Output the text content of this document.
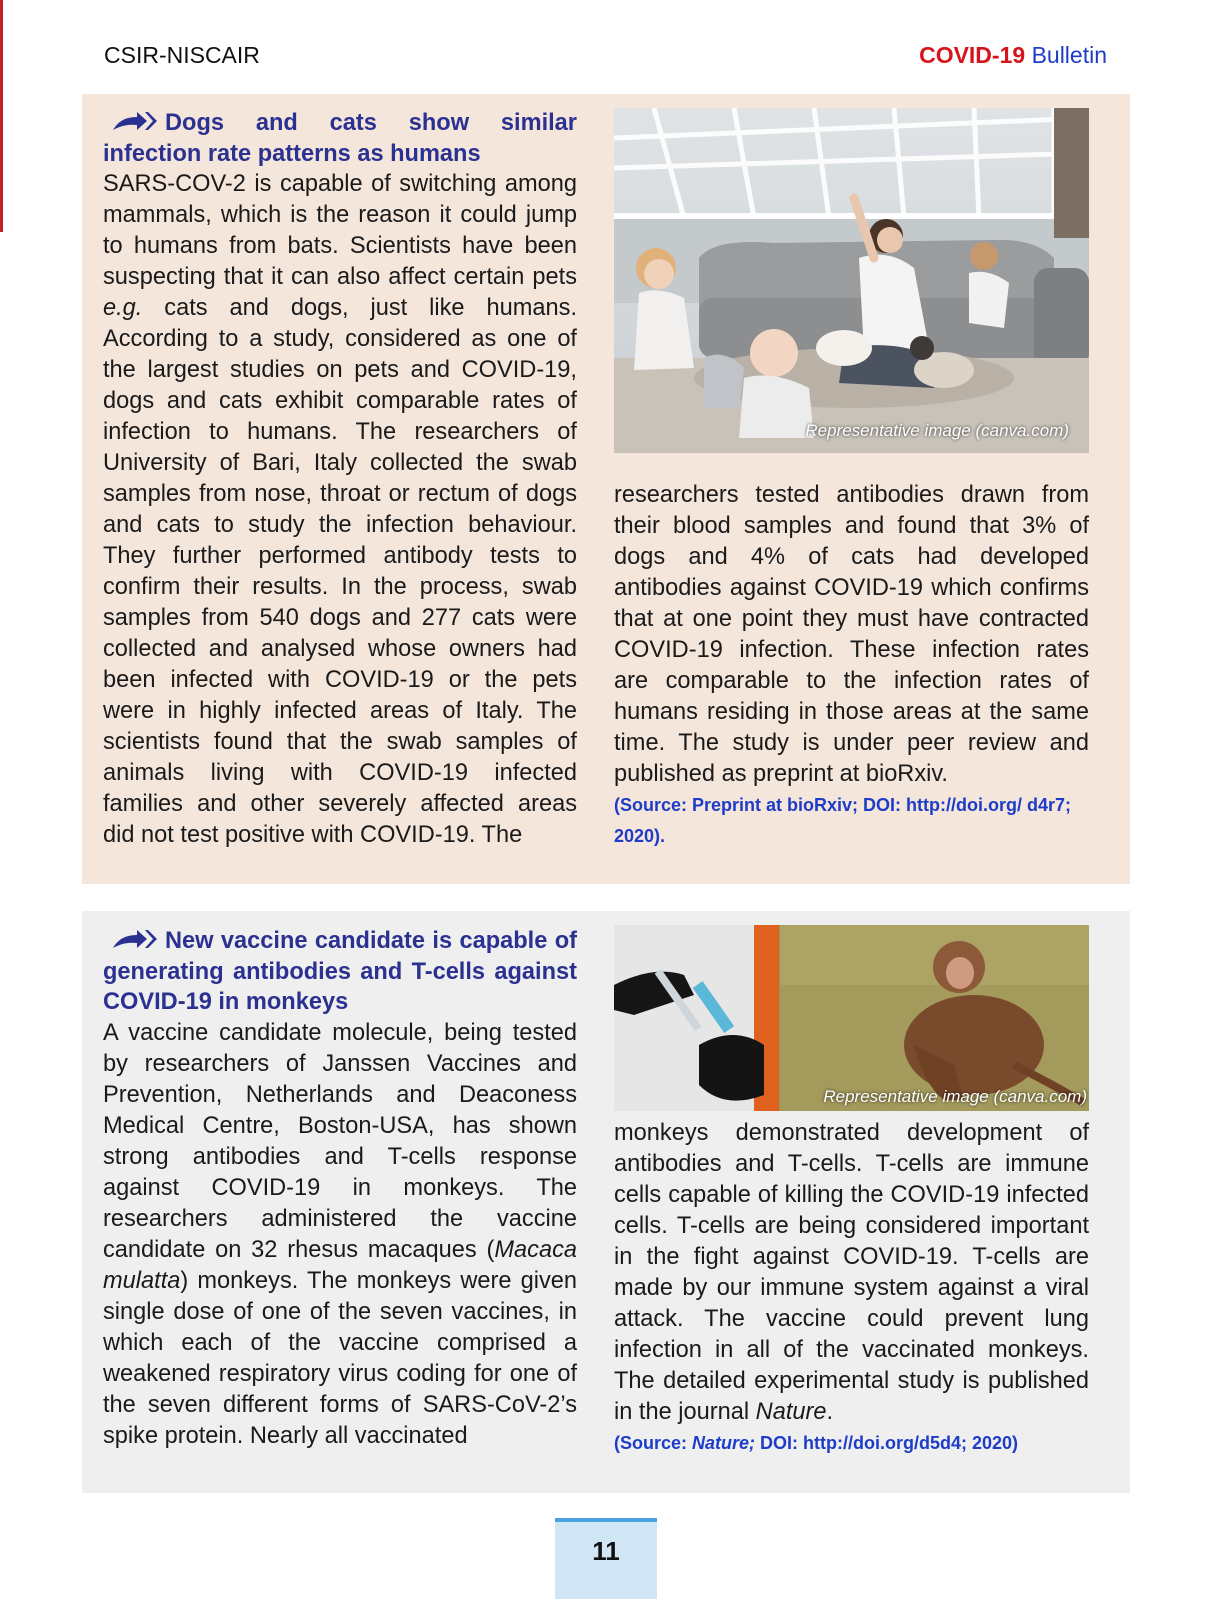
CSIR-NISCAIR	COVID-19 Bulletin

Dogs and cats show similar infection rate patterns as humans

SARS-COV-2 is capable of switching among mammals, which is the reason it could jump to humans from bats. Scientists have been suspecting that it can also affect certain pets e.g. cats and dogs, just like humans. According to a study, considered as one of the largest studies on pets and COVID-19, dogs and cats exhibit comparable rates of infection to humans. The researchers of University of Bari, Italy collected the swab samples from nose, throat or rectum of dogs and cats to study the infection behaviour. They further performed antibody tests to confirm their results. In the process, swab samples from 540 dogs and 277 cats were collected and analysed whose owners had been infected with COVID-19 or the pets were in highly infected areas of Italy. The scientists found that the swab samples of animals living with COVID-19 infected families and other severely affected areas did not test positive with COVID-19. The

Representative image (canva.com)

researchers tested antibodies drawn from their blood samples and found that 3% of dogs and 4% of cats had developed antibodies against COVID-19 which confirms that at one point they must have contracted COVID-19 infection. These infection rates are comparable to the infection rates of humans residing in those areas at the same time. The study is under peer review and published as preprint at bioRxiv.

(Source: Preprint at bioRxiv; DOI: http://doi.org/ d4r7; 2020).

New vaccine candidate is capable of generating antibodies and T-cells against COVID-19 in monkeys

A vaccine candidate molecule, being tested by researchers of Janssen Vaccines and Prevention, Netherlands and Deaconess Medical Centre, Boston-USA, has shown strong antibodies and T-cells response against COVID-19 in monkeys. The researchers administered the vaccine candidate on 32 rhesus macaques (Macaca mulatta) monkeys. The monkeys were given single dose of one of the seven vaccines, in which each of the vaccine comprised a weakened respiratory virus coding for one of the seven different forms of SARS-CoV-2’s spike protein. Nearly all vaccinated

Representative image (canva.com)

monkeys demonstrated development of antibodies and T-cells. T-cells are immune cells capable of killing the COVID-19 infected cells. T-cells are being considered important in the fight against COVID-19. T-cells are made by our immune system against a viral attack. The vaccine could prevent lung infection in all of the vaccinated monkeys. The detailed experimental study is published in the journal Nature.

(Source: Nature; DOI: http://doi.org/d5d4; 2020)

11
